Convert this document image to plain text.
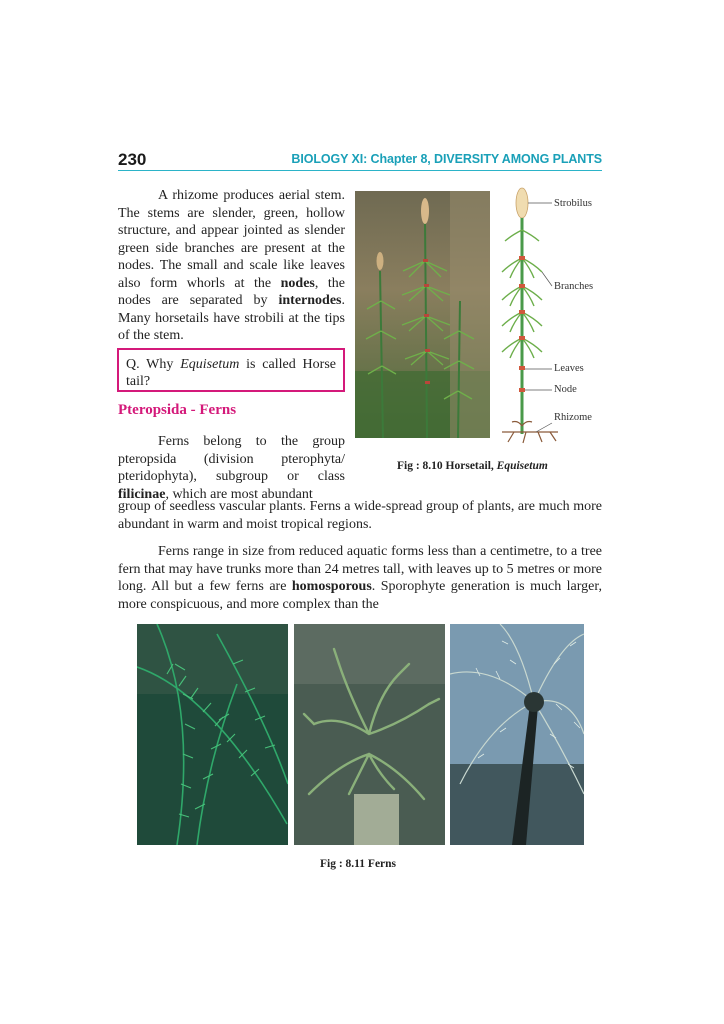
230	BIOLOGY XI: Chapter 8, DIVERSITY AMONG PLANTS
A rhizome produces aerial stem. The stems are slender, green, hollow structure, and appear jointed as slender green side branches are present at the nodes. The small and scale like leaves also form whorls at the nodes, the nodes are separated by internodes. Many horsetails have strobili at the tips of the stem.
Q. Why Equisetum is called Horse tail?
Pteropsida - Ferns
Ferns belong to the group pteropsida (division pterophyta/ pteridophyta), subgroup or class filicinae, which are most abundant
group of seedless vascular plants. Ferns a wide-spread group of plants, are much more abundant in warm and moist tropical regions.
Ferns range in size from reduced aquatic forms less than a centimetre, to a tree fern that may have trunks more than 24 metres tall, with leaves up to 5 metres or more long. All but a few ferns are homosporous. Sporophyte generation is much larger, more conspicuous, and more complex than the
Strobilus
Branches
Leaves
Node
Rhizome
Fig : 8.10 Horsetail, Equisetum
Fig : 8.11 Ferns
